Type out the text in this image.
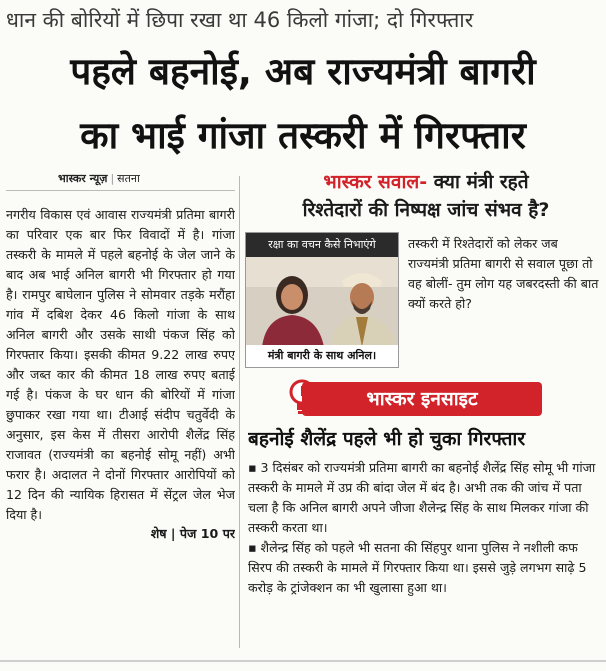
धान की बोरियों में छिपा रखा था 46 किलो गांजा; दो गिरफ्तार
पहले बहनोई, अब राज्यमंत्री बागरी
का भाई गांजा तस्करी में गिरफ्तार
भास्कर न्यूज़ | सतना

नगरीय विकास एवं आवास राज्यमंत्री प्रतिमा बागरी का परिवार एक बार फिर विवादों में है। गांजा तस्करी के मामले में पहले बहनोई के जेल जाने के बाद अब भाई अनिल बागरी भी गिरफ्तार हो गया है। रामपुर बाघेलान पुलिस ने सोमवार तड़के मरौंहा गांव में दबिश देकर 46 किलो गांजा के साथ अनिल बागरी और उसके साथी पंकज सिंह को गिरफ्तार किया। इसकी कीमत 9.22 लाख रुपए और जब्त कार की कीमत 18 लाख रुपए बताई गई है। पंकज के घर धान की बोरियों में गांजा छुपाकर रखा गया था। टीआई संदीप चतुर्वेदी के अनुसार, इस केस में तीसरा आरोपी शैलेंद्र सिंह राजावत (राज्यमंत्री का बहनोई सोमू नहीं) अभी फरार है। अदालत ने दोनों गिरफ्तार आरोपियों को 12 दिन की न्यायिक हिरासत में सेंट्रल जेल भेज दिया है।

शेष | पेज 10 पर

भास्कर सवाल- क्या मंत्री रहते
रिश्तेदारों की निष्पक्ष जांच संभव है?
रक्षा का वचन कैसे निभाएंगे
मंत्री बागरी के साथ अनिल।
तस्करी में रिश्तेदारों को लेकर जब राज्यमंत्री प्रतिमा बागरी से सवाल पूछा तो वह बोलीं- तुम लोग यह जबरदस्ती की बात क्यों करते हो?
भास्कर इनसाइट
बहनोई शैलेंद्र पहले भी हो चुका गिरफ्तार

▪ 3 दिसंबर को राज्यमंत्री प्रतिमा बागरी का बहनोई शैलेंद्र सिंह सोमू भी गांजा तस्करी के मामले में उप्र की बांदा जेल में बंद है। अभी तक की जांच में पता चला है कि अनिल बागरी अपने जीजा शैलेन्द्र सिंह के साथ मिलकर गांजा की तस्करी करता था।

▪ शैलेन्द्र सिंह को पहले भी सतना की सिंहपुर थाना पुलिस ने नशीली कफ सिरप की तस्करी के मामले में गिरफ्तार किया था। इससे जुड़े लगभग साढ़े 5 करोड़ के ट्रांजेक्शन का भी खुलासा हुआ था।
